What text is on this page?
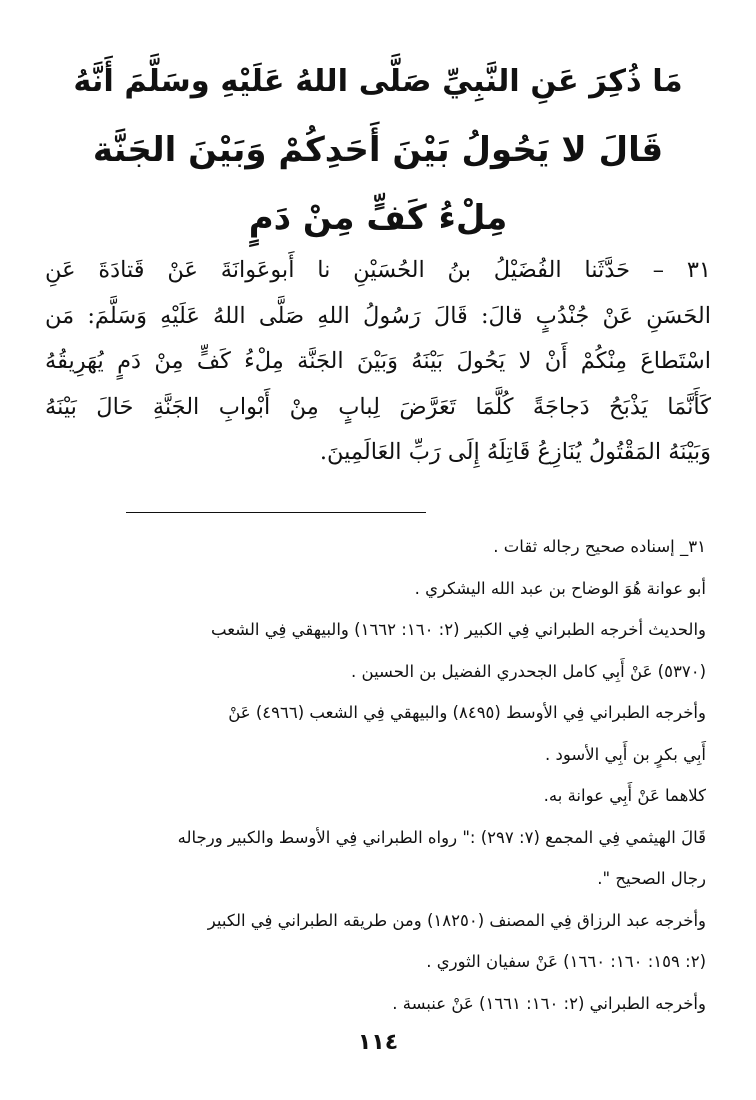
مَا ذُكِرَ عَنِ النَّبِيِّ صَلَّى اللهُ عَلَيْهِ وسَلَّمَ أَنَّهُ
قَالَ لا يَحُولُ بَيْنَ أَحَدِكُمْ وَبَيْنَ الجَنَّة
مِلْءُ كَفٍّ مِنْ دَمٍ
٣١ – حَدَّثَنا الفُضَيْلُ بنُ الحُسَيْنِ نا أَبوعَوانَةَ عَنْ قَتادَةَ عَنِ
الحَسَنِ عَنْ جُنْدُبٍ قالَ: قَالَ رَسُولُ اللهِ صَلَّى اللهُ عَلَيْهِ وَسَلَّمَ: مَن
اسْتَطاعَ مِنْكُمْ أَنْ لا يَحُولَ بَيْنَهُ وَبَيْنَ الجَنَّة مِلْءُ كَفٍّ مِنْ دَمٍ يُهَرِيقُهُ
كَأَنَّمَا يَذْبَحُ دَجاجَةً كُلَّمَا تَعَرَّضَ لِبابٍ مِنْ أَبْوابِ الجَنَّةِ حَالَ بَيْنَهُ
وَبَيْنَهُ المَقْتُولُ يُنَازِعُ قَاتِلَهُ إِلَى رَبِّ العَالَمِينَ.
٣١_ إسناده صحيح رجاله ثقات .
أبو عوانة هُوَ الوضاح بن عبد الله اليشكري .
والحديث أخرجه الطبراني فِي الكبير (٢: ١٦٠: ١٦٦٢) والبيهقي فِي الشعب
(٥٣٧٠) عَنْ أَبِي كامل الجحدري الفضيل بن الحسين .
وأخرجه الطبراني فِي الأوسط (٨٤٩٥) والبيهقي فِي الشعب (٤٩٦٦) عَنْ
أَبِي بكرٍ بن أَبِي الأسود .
كلاهما عَنْ أَبِي عوانة به.
قَالَ الهيثمي فِي المجمع (٧: ٢٩٧) :" رواه الطبراني فِي الأوسط والكبير ورجاله
رجال الصحيح ".
وأخرجه عبد الرزاق فِي المصنف (١٨٢٥٠) ومن طريقه الطبراني فِي الكبير
(٢: ١٥٩: ١٦٠: ١٦٦٠) عَنْ سفيان الثوري .
وأخرجه الطبراني (٢: ١٦٠: ١٦٦١) عَنْ عنبسة .
١١٤
